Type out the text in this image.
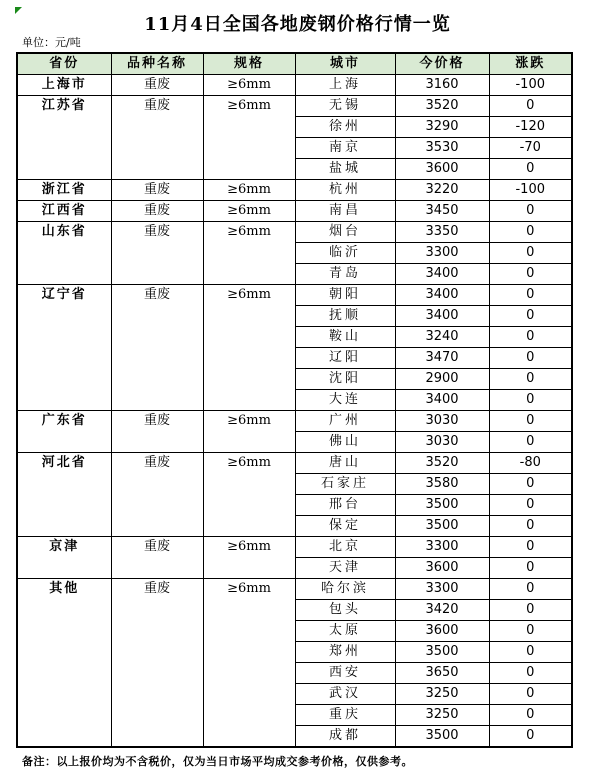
11月4日全国各地废钢价格行情一览
单位：元/吨
省份	品种名称	规格	城市	今价格	涨跌
上海市	重废	≥6mm	上海	3160	-100
江苏省	重废	≥6mm	无锡	3520	0
			徐州	3290	-120
			南京	3530	-70
			盐城	3600	0
浙江省	重废	≥6mm	杭州	3220	-100
江西省	重废	≥6mm	南昌	3450	0
山东省	重废	≥6mm	烟台	3350	0
			临沂	3300	0
			青岛	3400	0
辽宁省	重废	≥6mm	朝阳	3400	0
			抚顺	3400	0
			鞍山	3240	0
			辽阳	3470	0
			沈阳	2900	0
			大连	3400	0
广东省	重废	≥6mm	广州	3030	0
			佛山	3030	0
河北省	重废	≥6mm	唐山	3520	-80
			石家庄	3580	0
			邢台	3500	0
			保定	3500	0
京津	重废	≥6mm	北京	3300	0
			天津	3600	0
其他	重废	≥6mm	哈尔滨	3300	0
			包头	3420	0
			太原	3600	0
			郑州	3500	0
			西安	3650	0
			武汉	3250	0
			重庆	3250	0
			成都	3500	0
备注：以上报价均为不含税价，仅为当日市场平均成交参考价格，仅供参考。
